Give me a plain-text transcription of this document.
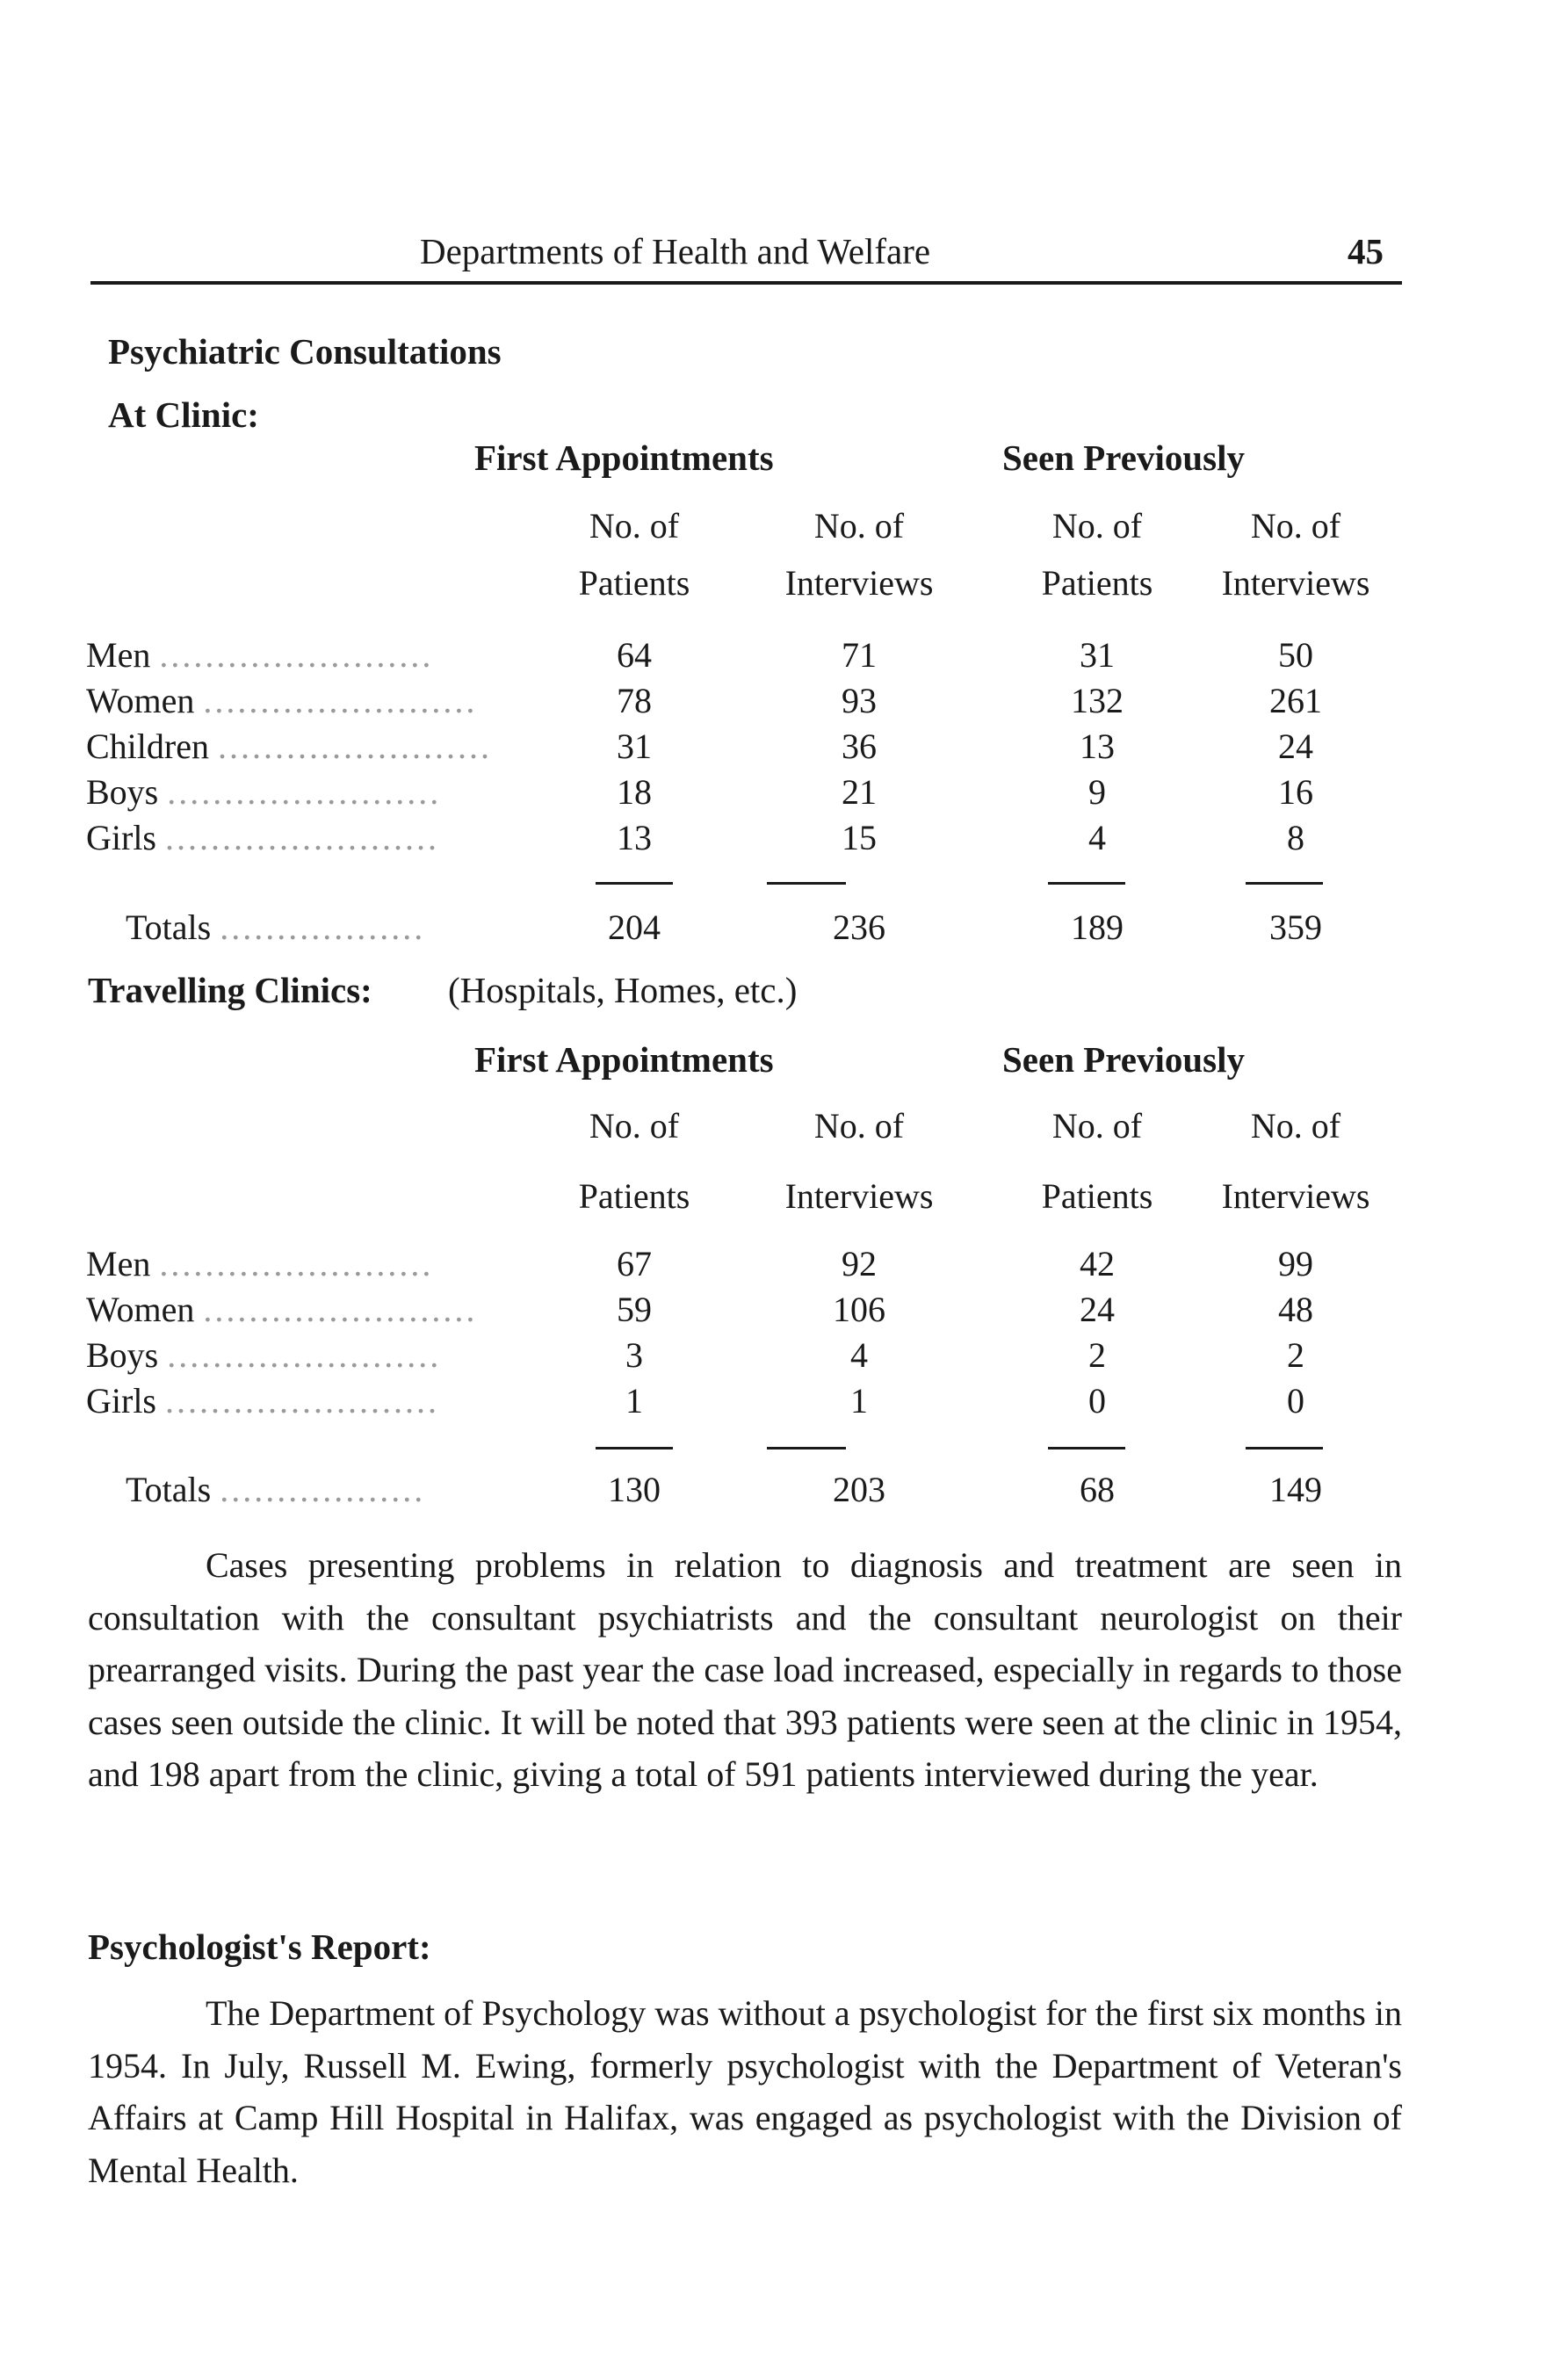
Departments of Health and Welfare	45
Psychiatric Consultations
At Clinic:
First Appointments	Seen Previously
No. of	No. of	No. of	No. of
Patients	Interviews	Patients	Interviews
Men ........................	64	71	31	50
Women ........................	78	93	132	261
Children ........................	31	36	13	24
Boys ........................	18	21	9	16
Girls ........................	13	15	4	8
Totals ..................	204	236	189	359
Travelling Clinics: (Hospitals, Homes, etc.)
First Appointments	Seen Previously
No. of	No. of	No. of	No. of
Patients	Interviews	Patients	Interviews
Men ........................	67	92	42	99
Women ........................	59	106	24	48
Boys ........................	3	4	2	2
Girls ........................	1	1	0	0
Totals ..................	130	203	68	149

Cases presenting problems in relation to diagnosis and treatment are seen in consultation with the consultant psychiatrists and the consultant neurologist on their prearranged visits. During the past year the case load increased, especially in regards to those cases seen outside the clinic. It will be noted that 393 patients were seen at the clinic in 1954, and 198 apart from the clinic, giving a total of 591 patients interviewed during the year.

Psychologist's Report:

The Department of Psychology was without a psychologist for the first six months in 1954. In July, Russell M. Ewing, formerly psychologist with the Department of Veteran's Affairs at Camp Hill Hospital in Halifax, was engaged as psychologist with the Division of Mental Health.
